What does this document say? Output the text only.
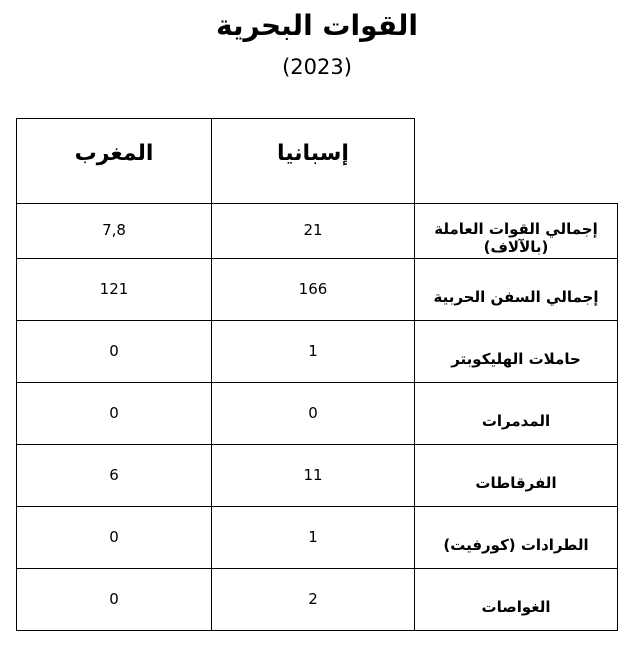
القوات البحرية
(2023)
المغرب	إسبانيا	
7,8	21	إجمالي القوات العاملة (بالآلاف)
121	166	إجمالي السفن الحربية
0	1	حاملات الهليكوبتر
0	0	المدمرات
6	11	الفرقاطات
0	1	الطرادات (كورفيت)
0	2	الغواصات
